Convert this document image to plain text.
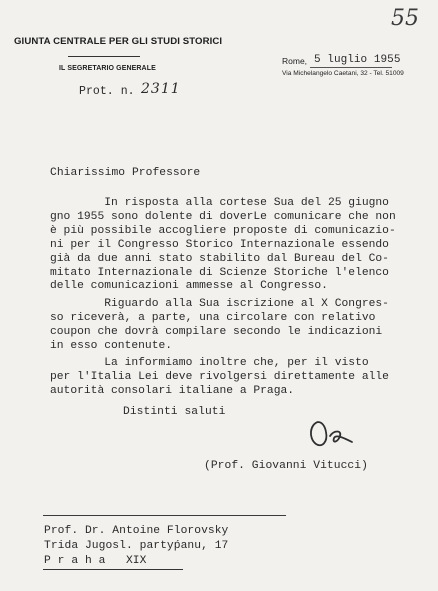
GIUNTA CENTRALE PER GLI STUDI STORICI
IL SEGRETARIO GENERALE
Prot. n. 2311
55
Rome, 5 luglio 1955
Via Michelangelo Caetani, 32 - Tel. 51009
Chiarissimo Professore
In risposta alla cortese Sua del 25 giugno
gno 1955 sono dolente di doverLe comunicare che non
è più possibile accogliere proposte di comunicazio-
ni per il Congresso Storico Internazionale essendo
già da due anni stato stabilito dal Bureau del Co-
mitato Internazionale di Scienze Storiche l'elenco
delle comunicazioni ammesse al Congresso.
Riguardo alla Sua iscrizione al X Congres-
so riceverà, a parte, una circolare con relativo
coupon che dovrà compilare secondo le indicazioni
in esso contenute.
La informiamo inoltre che, per il visto
per l'Italia Lei deve rivolgersi direttamente alle
autorità consolari italiane a Praga.
Distinti saluti
(Prof. Giovanni Vitucci)
Prof. Dr. Antoine Florovsky
Trida Jugosl. partyṕanu, 17
P r a h a   XIX
